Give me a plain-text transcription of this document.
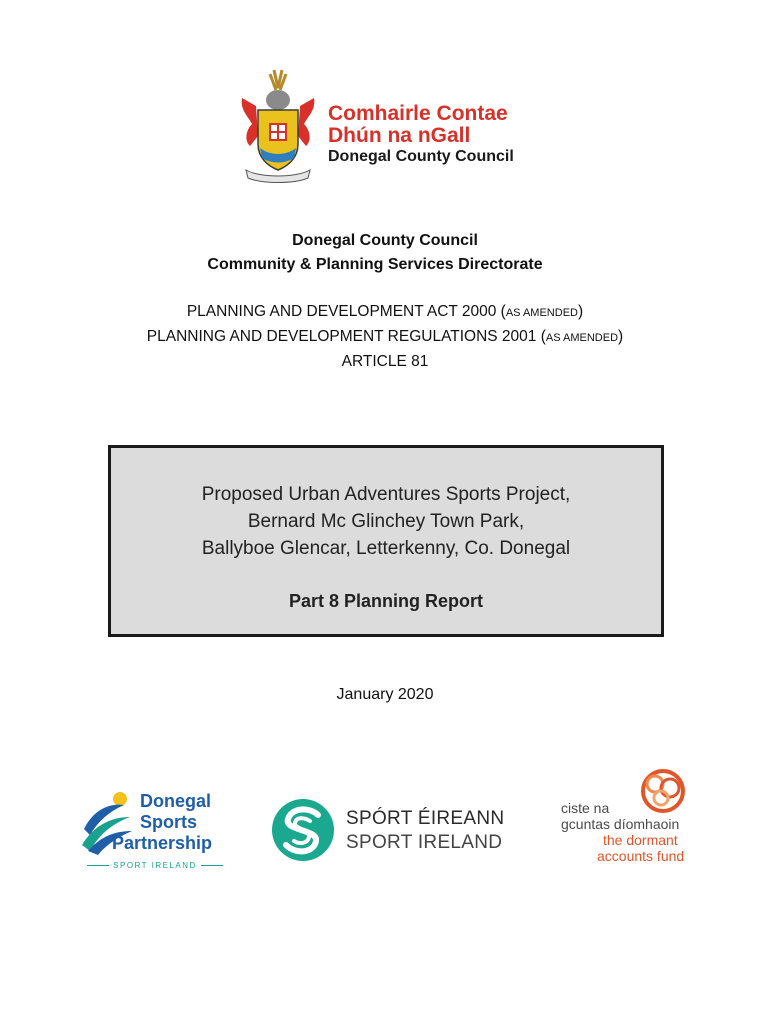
Comhairle Contae
Dhún na nGall
Donegal County Council
Donegal County Council
Community & Planning Services Directorate
PLANNING AND DEVELOPMENT ACT 2000 (AS AMENDED)
PLANNING AND DEVELOPMENT REGULATIONS 2001 (AS AMENDED)
ARTICLE 81
Proposed Urban Adventures Sports Project,
Bernard Mc Glinchey Town Park,
Ballyboe Glencar, Letterkenny, Co. Donegal
Part 8 Planning Report
January 2020
Donegal
Sports
Partnership
SPORT IRELAND
SPÓRT ÉIREANN
SPORT IRELAND
ciste na
gcuntas díomhaoin
the dormant
accounts fund
